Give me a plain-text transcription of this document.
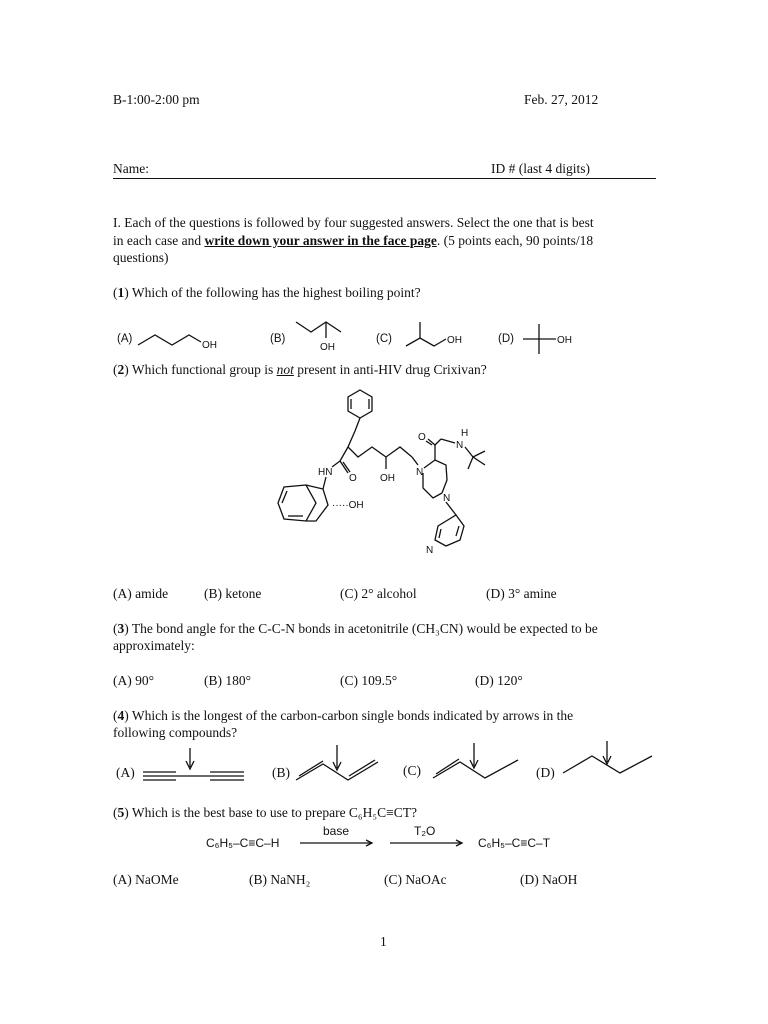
B-1:00-2:00 pm	Feb. 27, 2012
Name:	ID # (last 4 digits)
I. Each of the questions is followed by four suggested answers. Select the one that is best
in each case and write down your answer in the face page. (5 points each, 90 points/18
questions)
(1) Which of the following has the highest boiling point?
(A)
OH
(B)
OH
(C)	OH	(D)	OH
(2) Which functional group is not present in anti-HIV drug Crixivan?
O
HN
OH
N
N
O	H
N
N
·····OH
(A) amide	(B) ketone	(C) 2° alcohol	(D) 3° amine
(3) The bond angle for the C-C-N bonds in acetonitrile (CH₃CN) would be expected to be
approximately:
(A) 90°	(B) 180°	(C) 109.5°	(D) 120°
(4) Which is the longest of the carbon-carbon single bonds indicated by arrows in the
following compounds?
(A)	(B)	(C)	(D)
(5) Which is the best base to use to prepare C₆H₅C≡CT?
C₆H₅–C≡C–H
base	T₂O
C₆H₅–C≡C–T
(A) NaOMe	(B) NaNH₂	(C) NaOAc	(D) NaOH
1
